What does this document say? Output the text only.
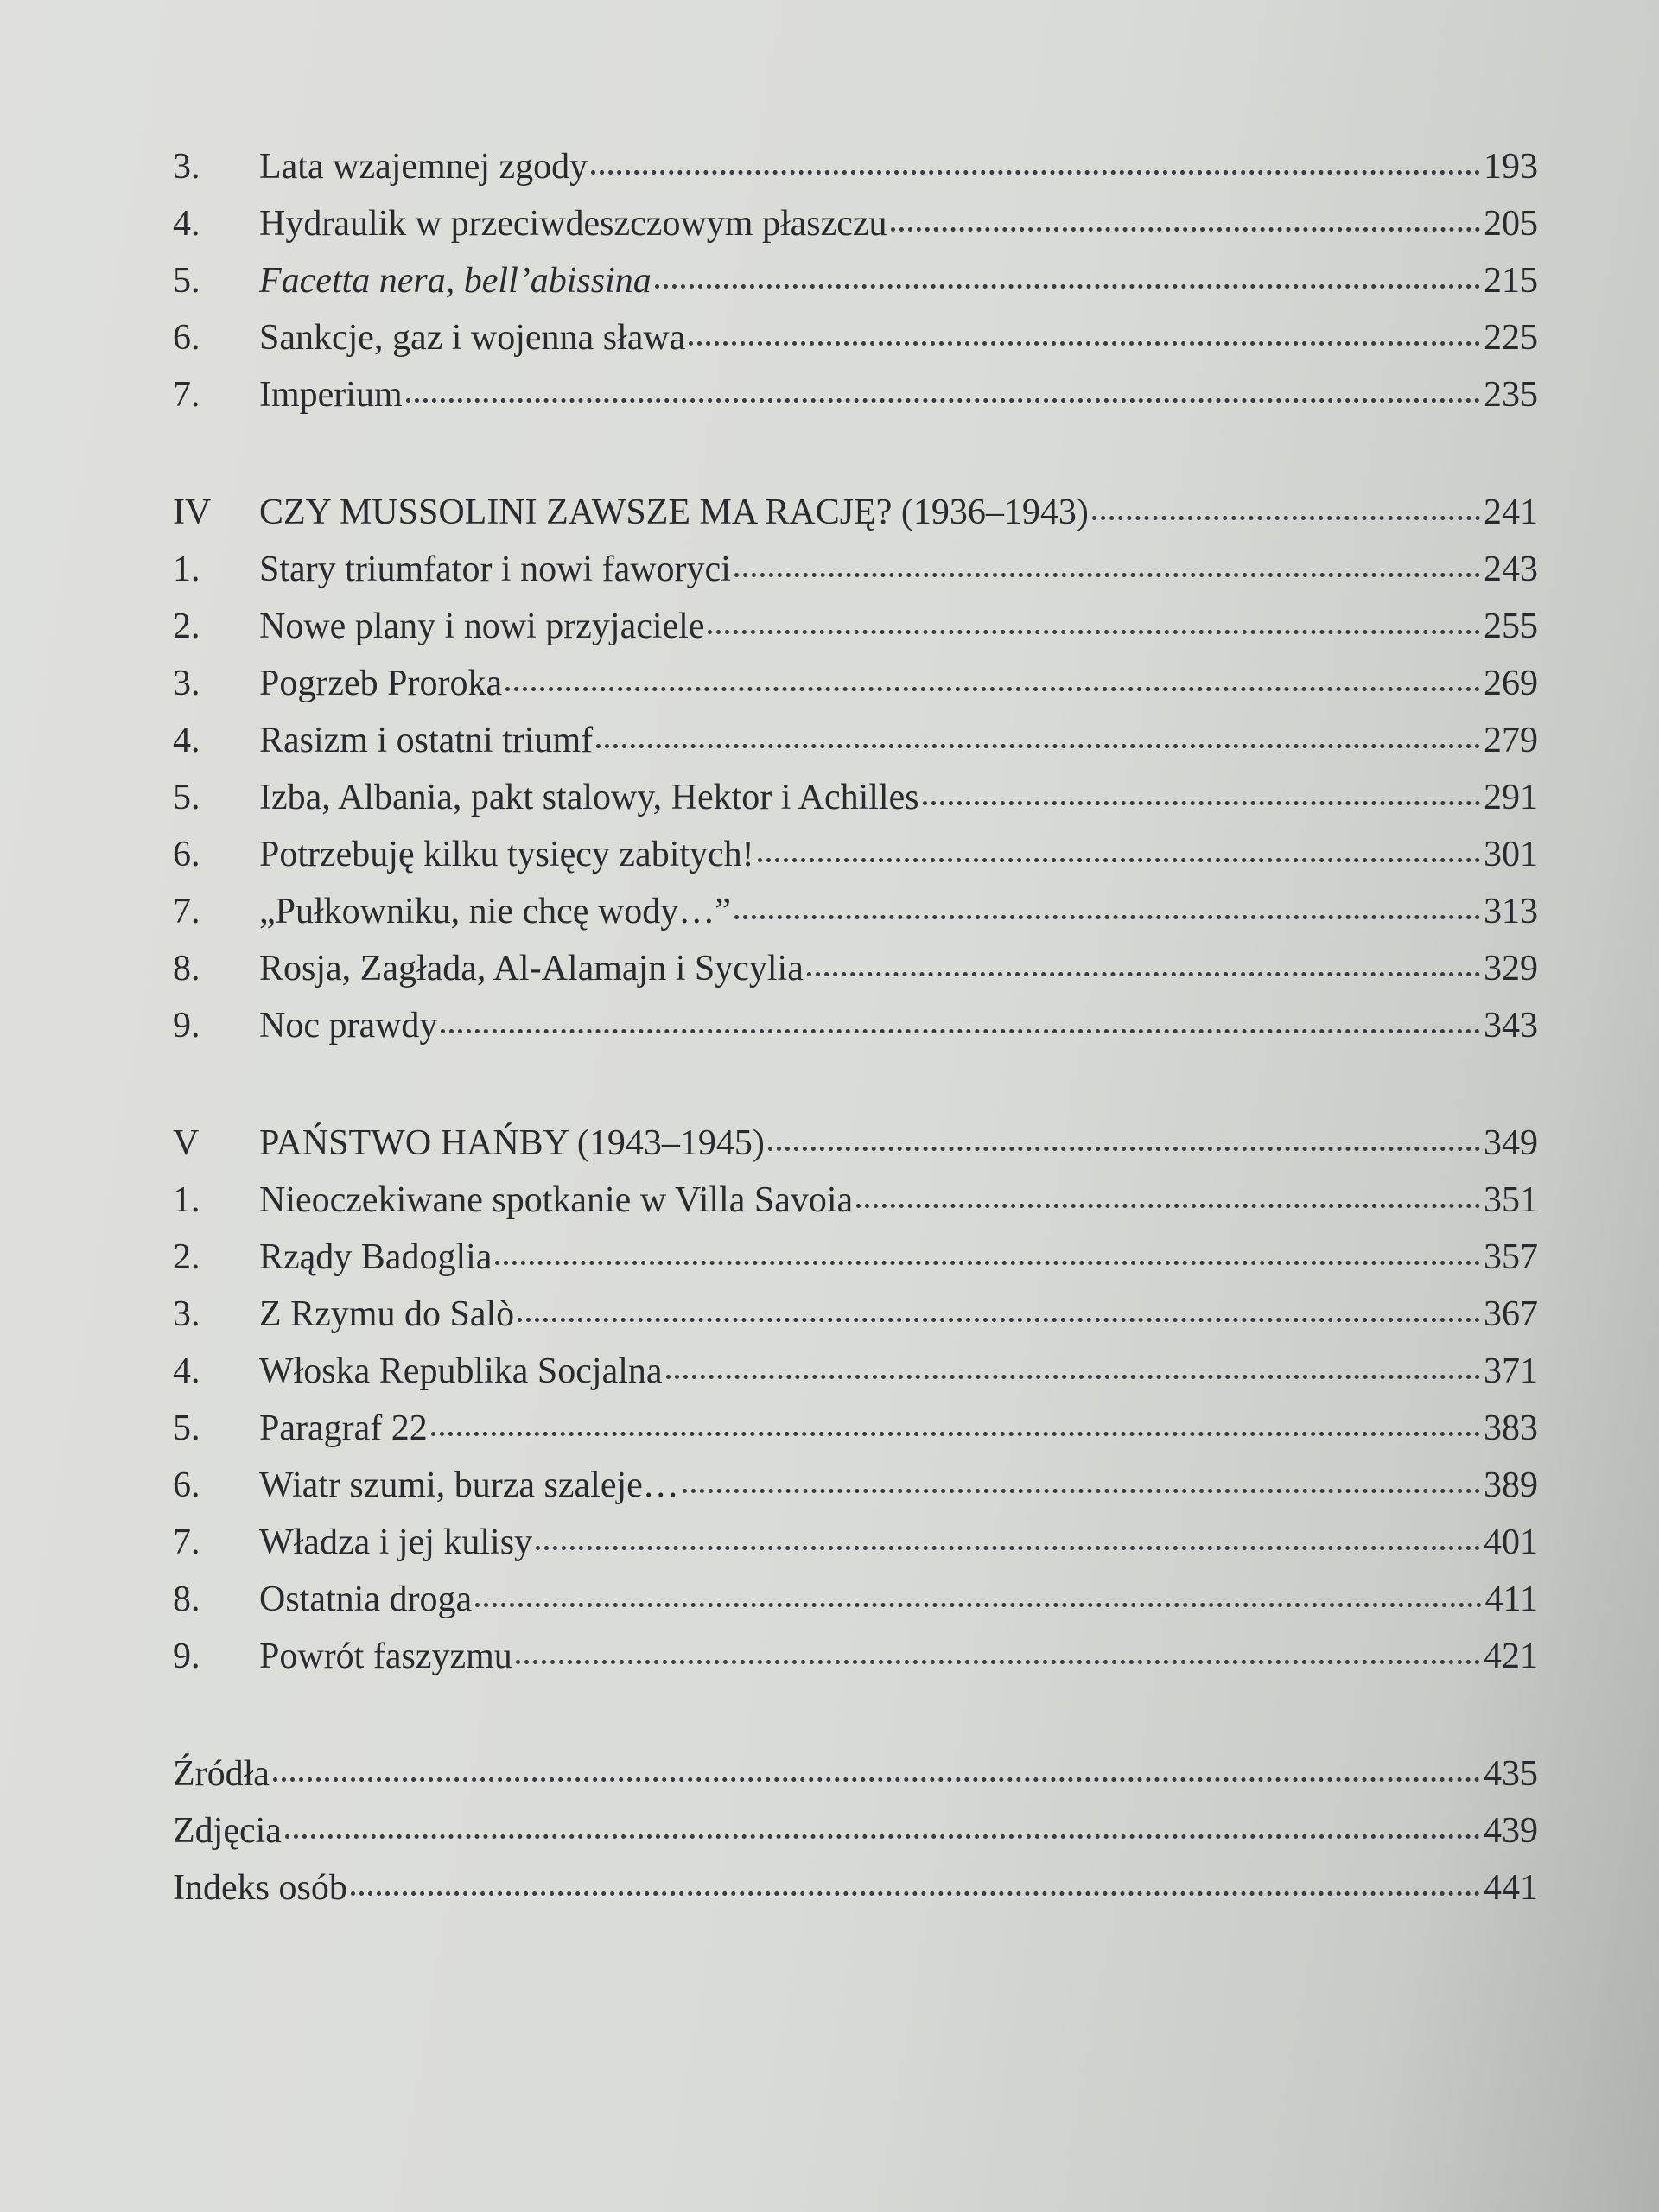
3.	Lata wzajemnej zgody	193
4.	Hydraulik w przeciwdeszczowym płaszczu	205
5.	Facetta nera, bell’abissina	215
6.	Sankcje, gaz i wojenna sława	225
7.	Imperium	235
IV	CZY MUSSOLINI ZAWSZE MA RACJĘ? (1936–1943)	241
1.	Stary triumfator i nowi faworyci	243
2.	Nowe plany i nowi przyjaciele	255
3.	Pogrzeb Proroka	269
4.	Rasizm i ostatni triumf	279
5.	Izba, Albania, pakt stalowy, Hektor i Achilles	291
6.	Potrzebuję kilku tysięcy zabitych!	301
7.	„Pułkowniku, nie chcę wody…”	313
8.	Rosja, Zagłada, Al-Alamajn i Sycylia	329
9.	Noc prawdy	343
V	PAŃSTWO HAŃBY (1943–1945)	349
1.	Nieoczekiwane spotkanie w Villa Savoia	351
2.	Rządy Badoglia	357
3.	Z Rzymu do Salò	367
4.	Włoska Republika Socjalna	371
5.	Paragraf 22	383
6.	Wiatr szumi, burza szaleje…	389
7.	Władza i jej kulisy	401
8.	Ostatnia droga	411
9.	Powrót faszyzmu	421
Źródła	435
Zdjęcia	439
Indeks osób	441
